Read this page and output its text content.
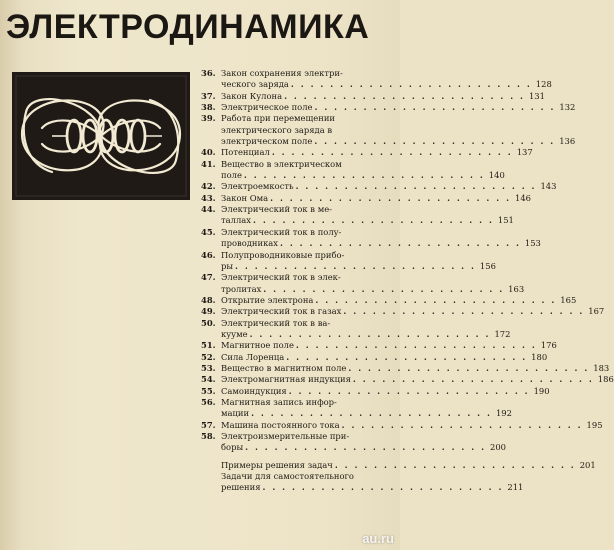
ЭЛЕКТРОДИНАМИКА
36. Закон сохранения электри-
ческого заряда . . . . . . . . . . . . . . . . . . . . . . . . . 128
37. Закон Кулона . . . . . . . . . . . . . . . . . . . . . . . . . 131
38. Электрическое поле . . . . . . . . . . . . . . . . . . . . . . . . . 132
39. Работа при перемещении
электрического заряда в
электрическом поле . . . . . . . . . . . . . . . . . . . . . . . . . 136
40. Потенциал . . . . . . . . . . . . . . . . . . . . . . . . . 137
41. Вещество в электрическом
поле . . . . . . . . . . . . . . . . . . . . . . . . . 140
42. Электроемкость . . . . . . . . . . . . . . . . . . . . . . . . . 143
43. Закон Ома . . . . . . . . . . . . . . . . . . . . . . . . . 146
44. Электрический ток в ме-
таллах . . . . . . . . . . . . . . . . . . . . . . . . . 151
45. Электрический ток в полу-
проводниках . . . . . . . . . . . . . . . . . . . . . . . . . 153
46. Полупроводниковые прибо-
ры . . . . . . . . . . . . . . . . . . . . . . . . . 156
47. Электрический ток в элек-
тролитах . . . . . . . . . . . . . . . . . . . . . . . . . 163
48. Открытие электрона . . . . . . . . . . . . . . . . . . . . . . . . . 165
49. Электрический ток в газах . . . . . . . . . . . . . . . . . . . . . . . . . 167
50. Электрический ток в ва-
кууме . . . . . . . . . . . . . . . . . . . . . . . . . 172
51. Магнитное поле . . . . . . . . . . . . . . . . . . . . . . . . . 176
52. Сила Лоренца . . . . . . . . . . . . . . . . . . . . . . . . . 180
53. Вещество в магнитном поле . . . . . . . . . . . . . . . . . . . . . . . . . 183
54. Электромагнитная индукция . . . . . . . . . . . . . . . . . . . . . . . . . 186
55. Самоиндукция . . . . . . . . . . . . . . . . . . . . . . . . . 190
56. Магнитная запись инфор-
мации . . . . . . . . . . . . . . . . . . . . . . . . . 192
57. Машина постоянного тока . . . . . . . . . . . . . . . . . . . . . . . . . 195
58. Электроизмерительные при-
боры . . . . . . . . . . . . . . . . . . . . . . . . . 200
Примеры решения задач . . . . . . . . . . . . . . . . . . . . . . . . . 201
Задачи для самостоятельного
решения . . . . . . . . . . . . . . . . . . . . . . . . . 211
au.ru
